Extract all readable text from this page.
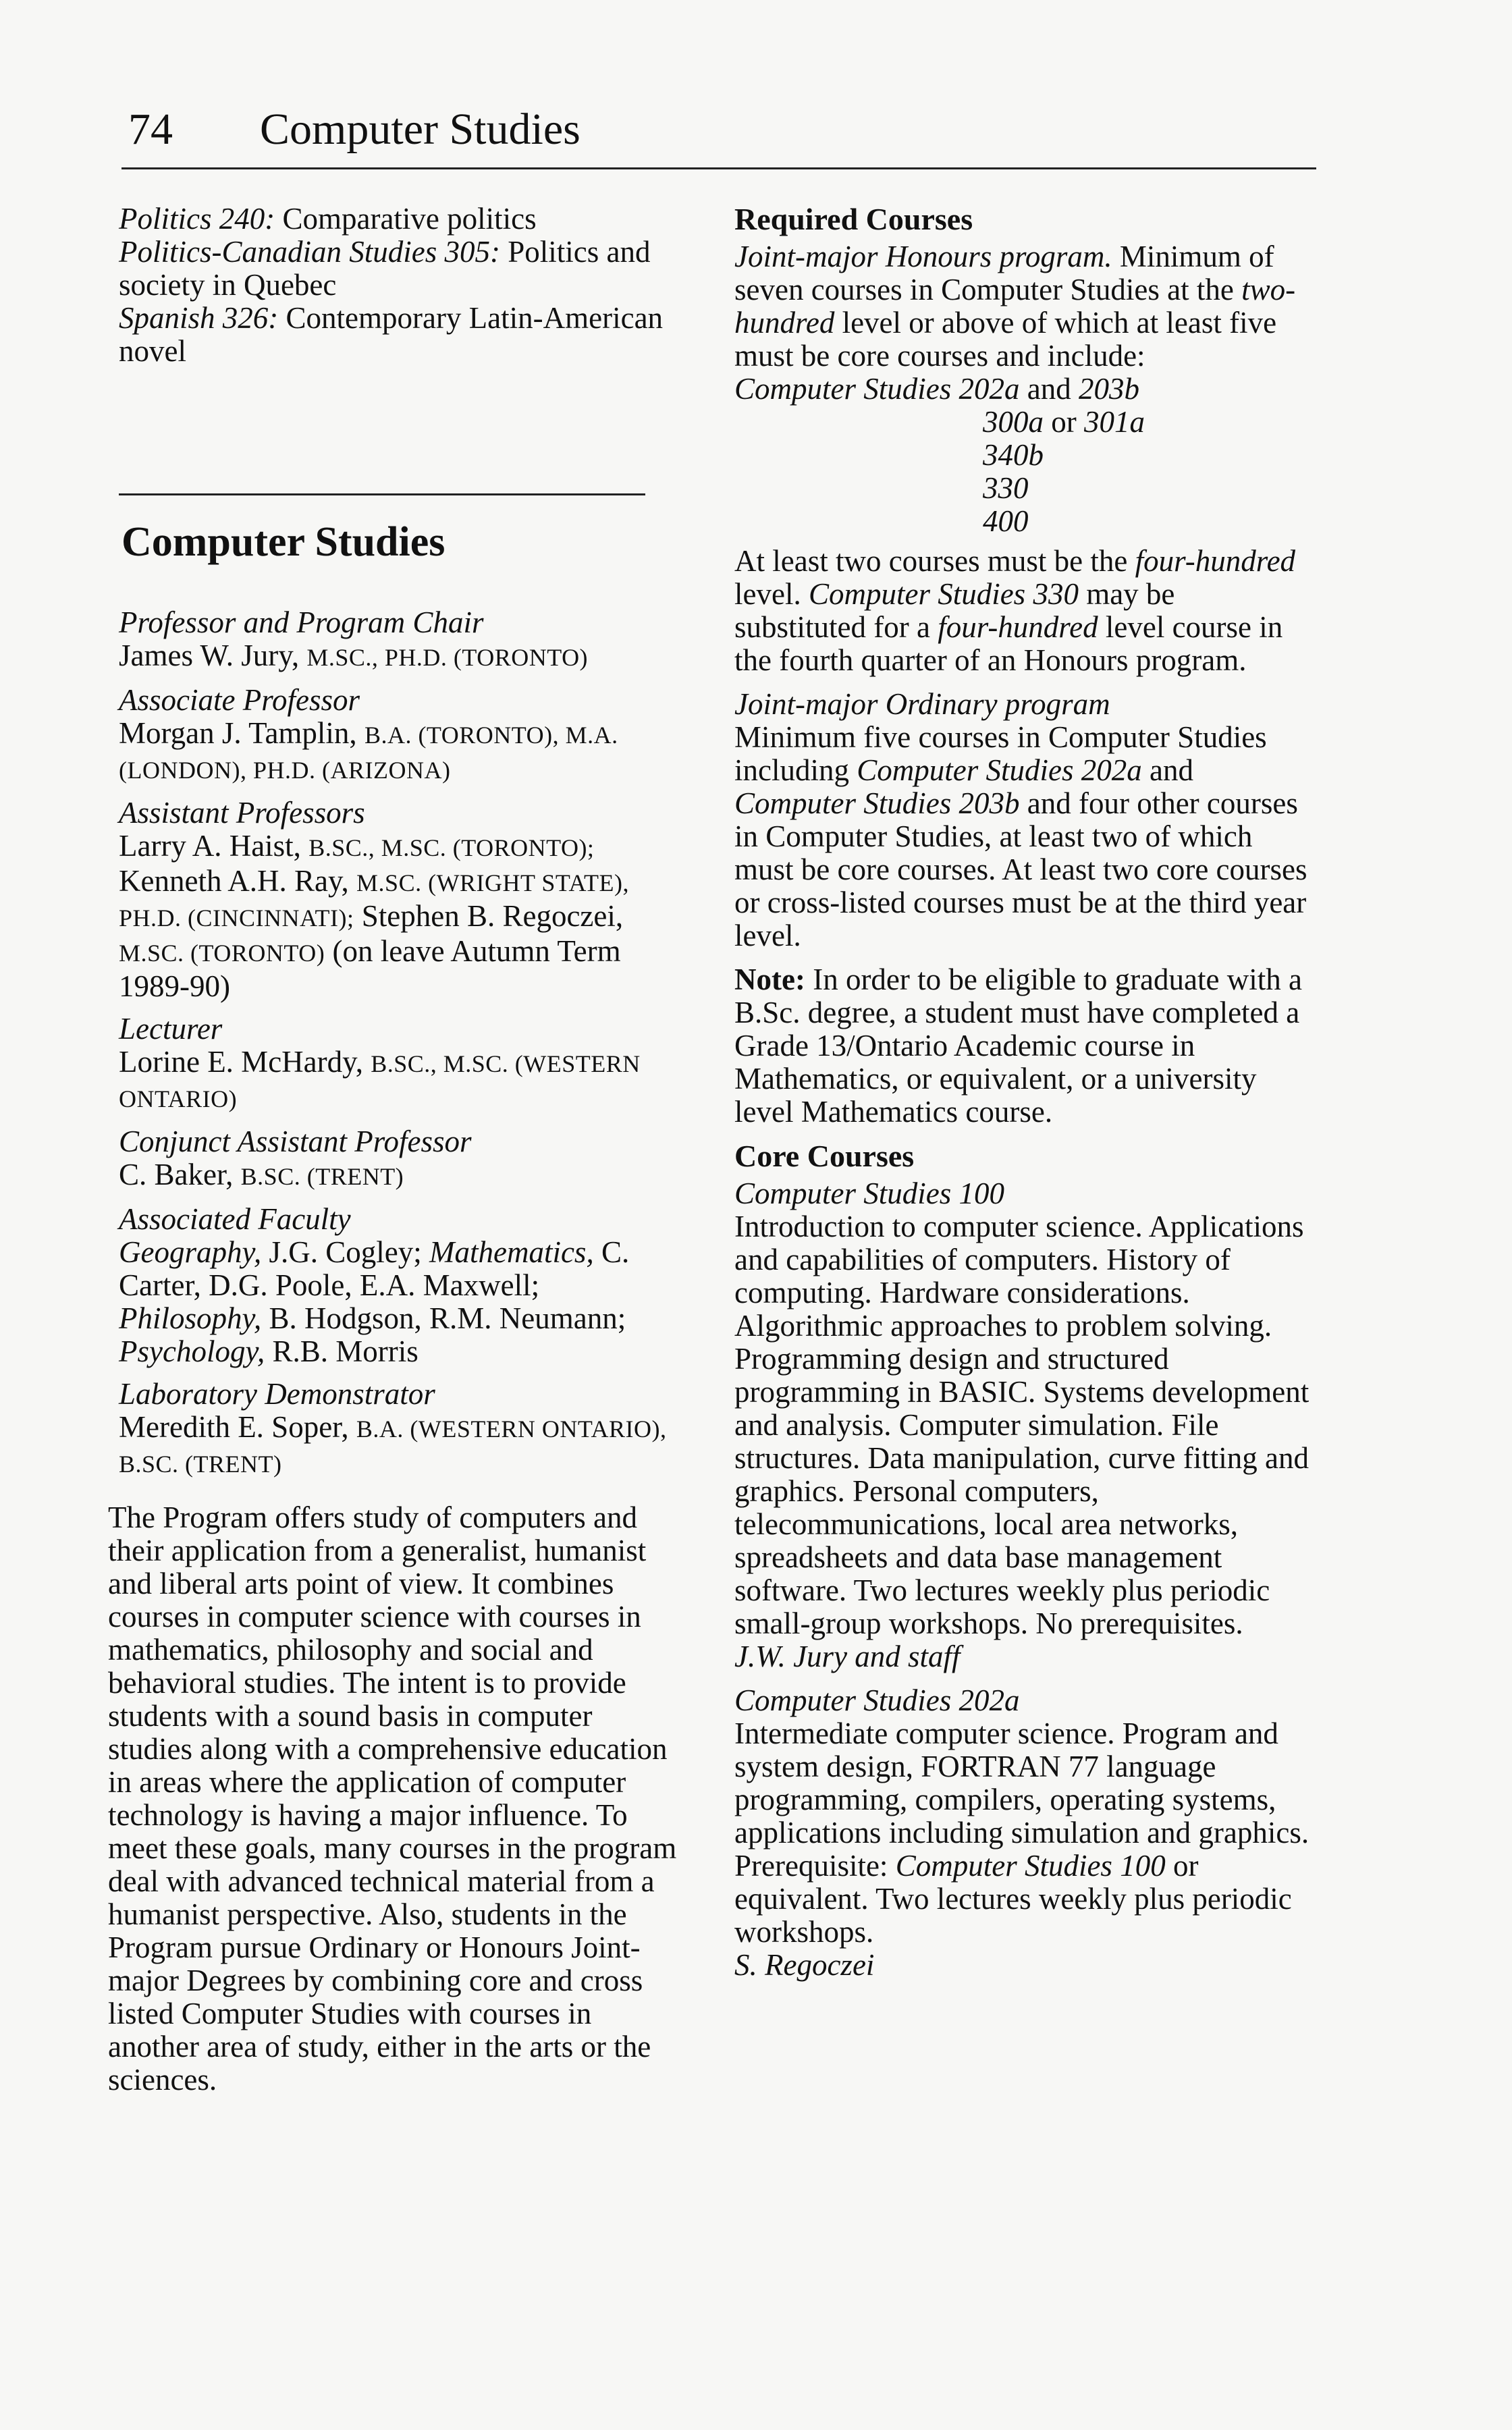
74 Computer Studies

Politics 240: Comparative politics

Politics-Canadian Studies 305: Politics and society in Quebec

Spanish 326: Contemporary Latin-American novel

Computer Studies

Professor and Program Chair

James W. Jury, M.SC., PH.D. (TORONTO)

Associate Professor

Morgan J. Tamplin, B.A. (TORONTO), M.A. (LONDON), PH.D. (ARIZONA)

Assistant Professors

Larry A. Haist, B.SC., M.SC. (TORONTO); Kenneth A.H. Ray, M.SC. (WRIGHT STATE), PH.D. (CINCINNATI); Stephen B. Regoczei, M.SC. (TORONTO) (on leave Autumn Term 1989-90)

Lecturer

Lorine E. McHardy, B.SC., M.SC. (WESTERN ONTARIO)

Conjunct Assistant Professor

C. Baker, B.SC. (TRENT)

Associated Faculty

Geography, J.G. Cogley; Mathematics, C. Carter, D.G. Poole, E.A. Maxwell; Philosophy, B. Hodgson, R.M. Neumann; Psychology, R.B. Morris

Laboratory Demonstrator

Meredith E. Soper, B.A. (WESTERN ONTARIO), B.SC. (TRENT)

The Program offers study of computers and their application from a generalist, humanist and liberal arts point of view. It combines courses in computer science with courses in mathematics, philosophy and social and behavioral studies. The intent is to provide students with a sound basis in computer studies along with a comprehensive education in areas where the application of computer technology is having a major influence. To meet these goals, many courses in the program deal with advanced technical material from a humanist perspective. Also, students in the Program pursue Ordinary or Honours Joint-major Degrees by combining core and cross listed Computer Studies with courses in another area of study, either in the arts or the sciences.

Required Courses

Joint-major Honours program. Minimum of seven courses in Computer Studies at the two-hundred level or above of which at least five must be core courses and include:

Computer Studies 202a and 203b

300a or 301a

340b

330

400

At least two courses must be the four-hundred level. Computer Studies 330 may be substituted for a four-hundred level course in the fourth quarter of an Honours program.

Joint-major Ordinary program

Minimum five courses in Computer Studies including Computer Studies 202a and Computer Studies 203b and four other courses in Computer Studies, at least two of which must be core courses. At least two core courses or cross-listed courses must be at the third year level.

Note: In order to be eligible to graduate with a B.Sc. degree, a student must have completed a Grade 13/Ontario Academic course in Mathematics, or equivalent, or a university level Mathematics course.

Core Courses

Computer Studies 100

Introduction to computer science. Applications and capabilities of computers. History of computing. Hardware considerations. Algorithmic approaches to problem solving. Programming design and structured programming in BASIC. Systems development and analysis. Computer simulation. File structures. Data manipulation, curve fitting and graphics. Personal computers, telecommunications, local area networks, spreadsheets and data base management software. Two lectures weekly plus periodic small-group workshops. No prerequisites.

J.W. Jury and staff

Computer Studies 202a

Intermediate computer science. Program and system design, FORTRAN 77 language programming, compilers, operating systems, applications including simulation and graphics. Prerequisite: Computer Studies 100 or equivalent. Two lectures weekly plus periodic workshops.

S. Regoczei
